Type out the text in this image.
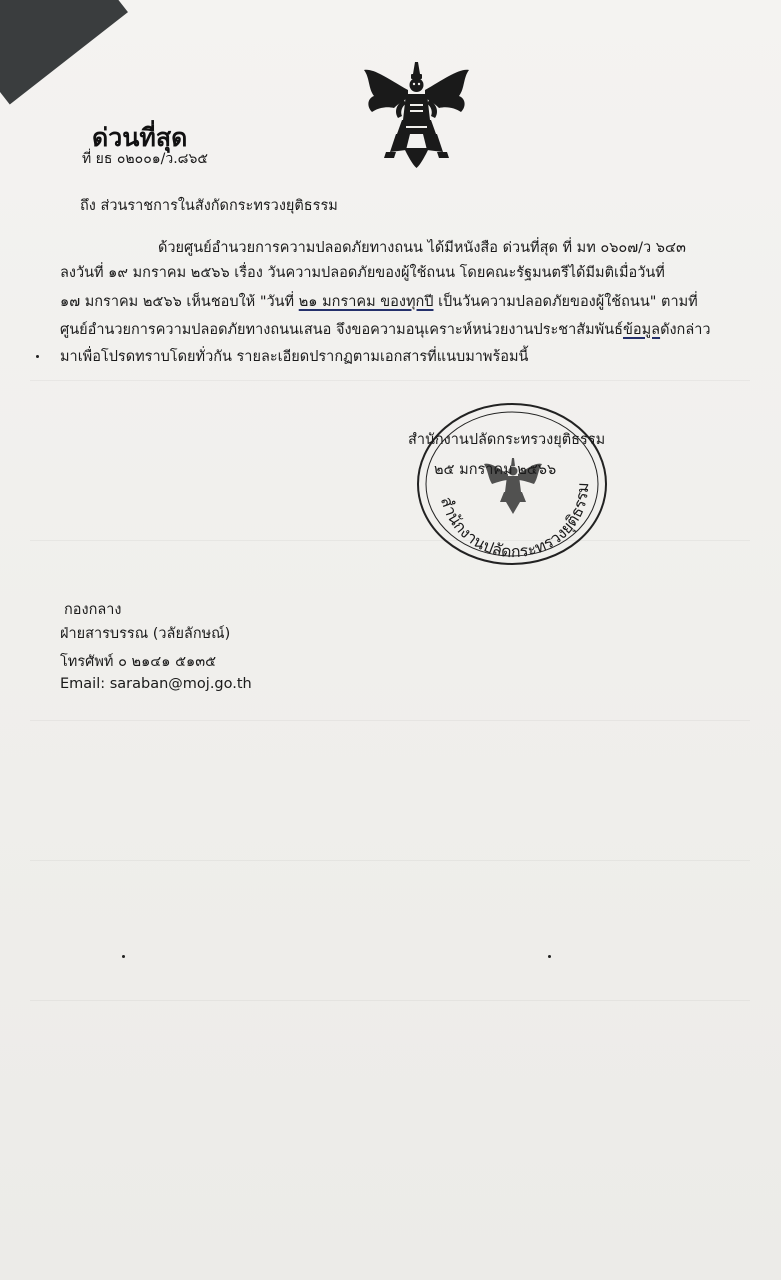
ด่วนที่สุด
ที่ ยธ ๐๒๐๐๑/ว.๘๖๕
ถึง ส่วนราชการในสังกัดกระทรวงยุติธรรม
ด้วยศูนย์อำนวยการความปลอดภัยทางถนน ได้มีหนังสือ ด่วนที่สุด ที่ มท ๐๖๐๗/ว ๖๔๓
ลงวันที่ ๑๙ มกราคม ๒๕๖๖ เรื่อง วันความปลอดภัยของผู้ใช้ถนน โดยคณะรัฐมนตรีได้มีมติเมื่อวันที่
๑๗ มกราคม ๒๕๖๖ เห็นชอบให้ "วันที่ ๒๑ มกราคม ของทุกปี เป็นวันความปลอดภัยของผู้ใช้ถนน" ตามที่
ศูนย์อำนวยการความปลอดภัยทางถนนเสนอ จึงขอความอนุเคราะห์หน่วยงานประชาสัมพันธ์ข้อมูลดังกล่าว
มาเพื่อโปรดทราบโดยทั่วกัน รายละเอียดปรากฏตามเอกสารที่แนบมาพร้อมนี้
สำนักงานปลัดกระทรวงยุติธรรม
สำนักงานปลัดกระทรวงยุติธรรม
๒๕ มกราคม ๒๕๖๖
กองกลาง
ฝ่ายสารบรรณ (วลัยลักษณ์)
โทรศัพท์ ๐ ๒๑๔๑ ๕๑๓๕
Email: saraban@moj.go.th
